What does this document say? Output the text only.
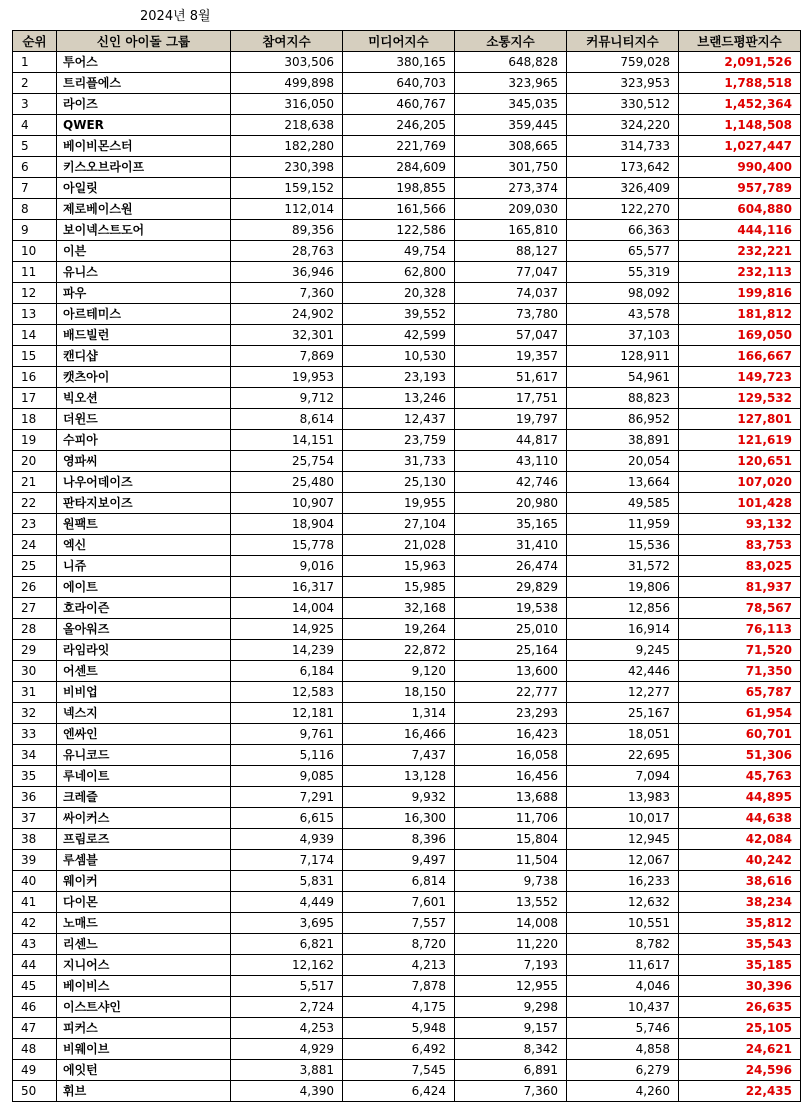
2024년 8월
순위	신인 아이돌 그룹	참여지수	미디어지수	소통지수	커뮤니티지수	브랜드평판지수
1	투어스	303,506	380,165	648,828	759,028	2,091,526
2	트리플에스	499,898	640,703	323,965	323,953	1,788,518
3	라이즈	316,050	460,767	345,035	330,512	1,452,364
4	QWER	218,638	246,205	359,445	324,220	1,148,508
5	베이비몬스터	182,280	221,769	308,665	314,733	1,027,447
6	키스오브라이프	230,398	284,609	301,750	173,642	990,400
7	아일릿	159,152	198,855	273,374	326,409	957,789
8	제로베이스원	112,014	161,566	209,030	122,270	604,880
9	보이넥스트도어	89,356	122,586	165,810	66,363	444,116
10	이븐	28,763	49,754	88,127	65,577	232,221
11	유니스	36,946	62,800	77,047	55,319	232,113
12	파우	7,360	20,328	74,037	98,092	199,816
13	아르테미스	24,902	39,552	73,780	43,578	181,812
14	배드빌런	32,301	42,599	57,047	37,103	169,050
15	캔디샵	7,869	10,530	19,357	128,911	166,667
16	캣츠아이	19,953	23,193	51,617	54,961	149,723
17	빅오션	9,712	13,246	17,751	88,823	129,532
18	더윈드	8,614	12,437	19,797	86,952	127,801
19	수피아	14,151	23,759	44,817	38,891	121,619
20	영파씨	25,754	31,733	43,110	20,054	120,651
21	나우어데이즈	25,480	25,130	42,746	13,664	107,020
22	판타지보이즈	10,907	19,955	20,980	49,585	101,428
23	원팩트	18,904	27,104	35,165	11,959	93,132
24	엑신	15,778	21,028	31,410	15,536	83,753
25	니쥬	9,016	15,963	26,474	31,572	83,025
26	에이트	16,317	15,985	29,829	19,806	81,937
27	호라이즌	14,004	32,168	19,538	12,856	78,567
28	올아워즈	14,925	19,264	25,010	16,914	76,113
29	라임라잇	14,239	22,872	25,164	9,245	71,520
30	어센트	6,184	9,120	13,600	42,446	71,350
31	비비업	12,583	18,150	22,777	12,277	65,787
32	넥스지	12,181	1,314	23,293	25,167	61,954
33	엔싸인	9,761	16,466	16,423	18,051	60,701
34	유니코드	5,116	7,437	16,058	22,695	51,306
35	루네이트	9,085	13,128	16,456	7,094	45,763
36	크레즐	7,291	9,932	13,688	13,983	44,895
37	싸이커스	6,615	16,300	11,706	10,017	44,638
38	프림로즈	4,939	8,396	15,804	12,945	42,084
39	루셈블	7,174	9,497	11,504	12,067	40,242
40	웨이커	5,831	6,814	9,738	16,233	38,616
41	다이몬	4,449	7,601	13,552	12,632	38,234
42	노매드	3,695	7,557	14,008	10,551	35,812
43	리센느	6,821	8,720	11,220	8,782	35,543
44	지니어스	12,162	4,213	7,193	11,617	35,185
45	베이비스	5,517	7,878	12,955	4,046	30,396
46	이스트샤인	2,724	4,175	9,298	10,437	26,635
47	피커스	4,253	5,948	9,157	5,746	25,105
48	비웨이브	4,929	6,492	8,342	4,858	24,621
49	에잇턴	3,881	7,545	6,891	6,279	24,596
50	휘브	4,390	6,424	7,360	4,260	22,435
